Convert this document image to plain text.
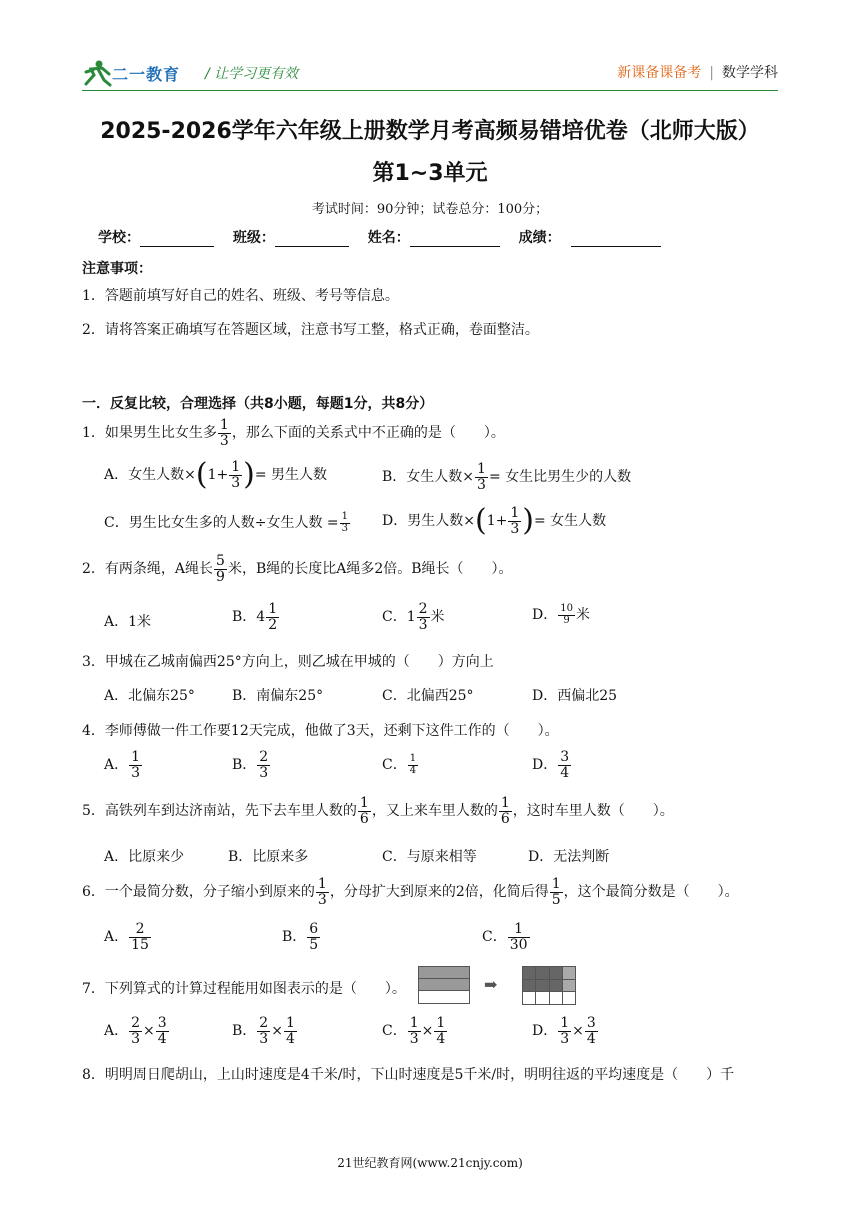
二一教育 / 让学习更有效	新课备课备考 | 数学学科
2025-2026学年六年级上册数学月考高频易错培优卷（北师大版）
第1~3单元
考试时间：90分钟；试卷总分：100分；
学校：	班级：	姓名：	成绩：
注意事项：
1．答题前填写好自己的姓名、班级、考号等信息。
2．请将答案正确填写在答题区域，注意书写工整，格式正确，卷面整洁。
一．反复比较，合理选择（共8小题，每题1分，共8分）
1．如果男生比女生多 $\frac{1}{3}$ ，那么下面的关系式中不正确的是（　　）。
A．女生人数$\times(1+ \frac{1}{3}$ )= 男生人数	B．女生人数× $\frac{1}{3}$ = 女生比男生少的人数
C．男生比女生多的人数÷女生人数 = $\frac{1}{3}$ D．男生人数$\times(1+ \frac{1}{3}$ )= 女生人数
2．有两条绳，A绳长 $\frac{5}{9}$ 米，B绳的长度比A绳多2倍。B绳长（　　）。
A．1米	B．$4 \frac{1}{2}$	C．$1 \frac{2}{3}$ 米	D． $\frac{10}{9}$ 米
3．甲城在乙城南偏西25°方向上，则乙城在甲城的（　　）方向上
A．北偏东25°	B．南偏东25°	C．北偏西25°	D．西偏北25
4．李师傅做一件工作要12天完成，他做了3天，还剩下这件工作的（　　）。
A． $\frac{1}{3}$	B． $\frac{2}{3}$	C． $\frac{1}{4}$	D． $\frac{3}{4}$
5．高铁列车到达济南站，先下去车里人数的 $\frac{1}{6}$ ，又上来车里人数的 $\frac{1}{6}$ ，这时车里人数（　　）。
A．比原来少	B．比原来多	C．与原来相等	D．无法判断
6．一个最简分数，分子缩小到原来的 $\frac{1}{3}$ ，分母扩大到原来的2倍，化简后得 $\frac{1}{5}$ ，这个最简分数是（　　）。
A． $\frac{2}{15}$	B． $\frac{6}{5}$	C． $\frac{1}{30}$
7．下列算式的计算过程能用如图表示的是（　　）。	➡
A． $\frac{2}{3} \times \frac{3}{4}$	B． $\frac{2}{3} \times \frac{1}{4}$	C． $\frac{1}{3} \times \frac{1}{4}$	D． $\frac{1}{3} \times \frac{3}{4}$
8．明明周日爬胡山，上山时速度是4千米/时，下山时速度是5千米/时，明明往返的平均速度是（　　）千
21世纪教育网(www.21cnjy.com)
